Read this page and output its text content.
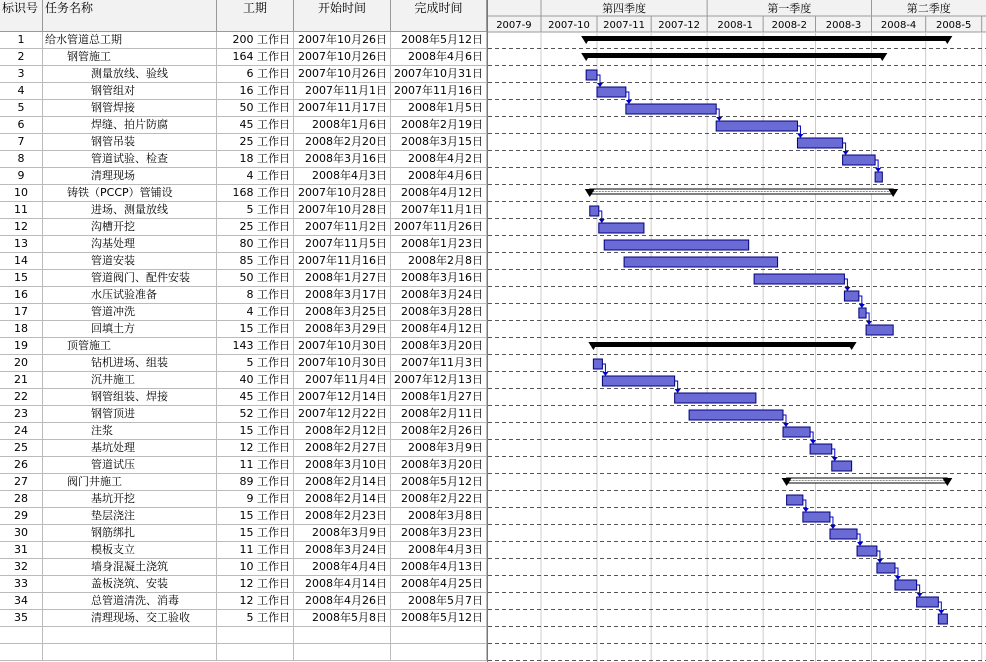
标识号 任务名称	工期	开始时间	完成时间
1	给水管道总工期	200 工作日 2007年10月26日	2008年5月12日
2	钢管施工	164 工作日 2007年10月26日	2008年4月6日
3	测量放线、验线	6 工作日 2007年10月26日 2007年10月31日
4	钢管组对	16 工作日	2007年11月1日 2007年11月16日
5	钢管焊接	50 工作日 2007年11月17日	2008年1月5日
6	焊缝、拍片防腐	45 工作日	2008年1月6日	2008年2月19日
7	钢管吊装	25 工作日	2008年2月20日	2008年3月15日
8	管道试验、检查	18 工作日	2008年3月16日	2008年4月2日
9	清理现场	4 工作日	2008年4月3日	2008年4月6日
10	铸铁（PCCP）管铺设	168 工作日 2007年10月28日	2008年4月12日
11	进场、测量放线	5 工作日 2007年10月28日	2007年11月1日
12	沟槽开挖	25 工作日	2007年11月2日 2007年11月26日
13	沟基处理	80 工作日	2007年11月5日	2008年1月23日
14	管道安装	85 工作日 2007年11月16日	2008年2月8日
15	管道阀门、配件安装	50 工作日	2008年1月27日	2008年3月16日
16	水压试验准备	8 工作日	2008年3月17日	2008年3月24日
17	管道冲洗	4 工作日	2008年3月25日	2008年3月28日
18	回填土方	15 工作日	2008年3月29日	2008年4月12日
19	顶管施工	143 工作日 2007年10月30日	2008年3月20日
20	钻机进场、组装	5 工作日 2007年10月30日	2007年11月3日
21	沉井施工	40 工作日	2007年11月4日 2007年12月13日
22	钢管组装、焊接	45 工作日 2007年12月14日	2008年1月27日
23	钢管顶进	52 工作日 2007年12月22日	2008年2月11日
24	注浆	15 工作日	2008年2月12日	2008年2月26日
25	基坑处理	12 工作日	2008年2月27日	2008年3月9日
26	管道试压	11 工作日	2008年3月10日	2008年3月20日
27	阀门井施工	89 工作日	2008年2月14日	2008年5月12日
28	基坑开挖	9 工作日	2008年2月14日	2008年2月22日
29	垫层浇注	15 工作日	2008年2月23日	2008年3月8日
30	钢筋绑扎	15 工作日	2008年3月9日	2008年3月23日
31	模板支立	11 工作日	2008年3月24日	2008年4月3日
32	墙身混凝土浇筑	10 工作日	2008年4月4日	2008年4月13日
33	盖板浇筑、安装	12 工作日	2008年4月14日	2008年4月25日
34	总管道清洗、消毒	12 工作日	2008年4月26日	2008年5月7日
35	清理现场、交工验收	5 工作日	2008年5月8日	2008年5月12日
2007-9 2007-10 2007-11 2007-12 2008-1 2008-2 2008-3 2008-4 2008-5
第四季度	第一季度	第二季度
